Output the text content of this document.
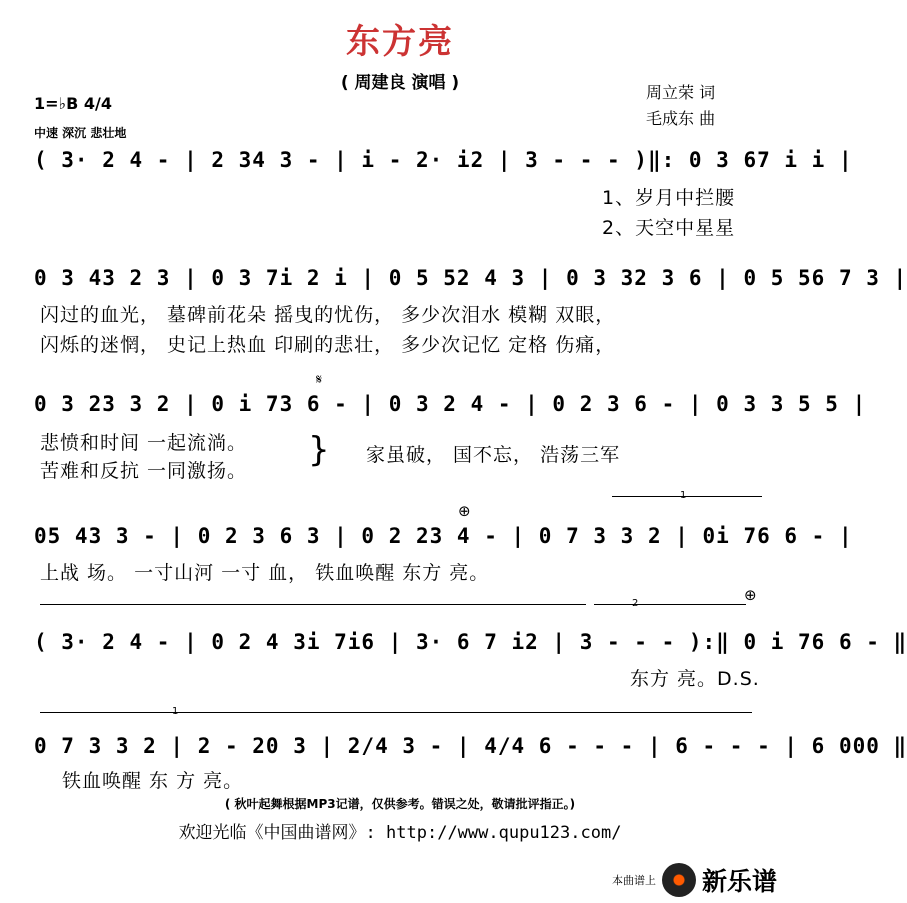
东方亮
( 周建良 演唱 )
1=♭B 4/4
中速 深沉 悲壮地
周立荣 词
毛成东 曲
( 3· 2 4 - | 2 34 3 - | i - 2· i2 | 3 - - - )‖: 0 3 67 i i |
1、岁月中拦腰
2、天空中星星
0 3 43 2 3 | 0 3 7i 2 i | 0 5 52 4 3 | 0 3 32 3 6 | 0 5 56 7 3 |
闪过的血光， 墓碑前花朵 摇曳的忧伤， 多少次泪水 模糊 双眼，
闪烁的迷惘， 史记上热血 印刷的悲壮， 多少次记忆 定格 伤痛，
0 3 23 3 2 | 0 i 73 6 - | 0 3 2 4 - | 0 2 3 6 - | 0 3 3 5 5 |
悲愤和时间 一起流淌。
苦难和反抗 一同激扬。
家虽破， 国不忘， 浩荡三军
}
𝄋
1
⊕
05 43 3 - | 0 2 3 6 3 | 0 2 23 4 - | 0 7 3 3 2 | 0i 76 6 - |
上战 场。 一寸山河 一寸 血， 铁血唤醒 东方 亮。
2	⊕
( 3· 2 4 - | 0 2 4 3i 7i6 | 3· 6 7 i2 | 3 - - - ):‖ 0 i 76 6 - ‖
东方 亮。D.S.
1
0 7 3 3 2 | 2 - 20 3 | 2/4 3 - | 4/4 6 - - - | 6 - - - | 6 000 ‖
铁血唤醒 东 方 亮。
( 秋叶起舞根据MP3记谱，仅供参考。错误之处，敬请批评指正。)
欢迎光临《中国曲谱网》: http://www.qupu123.com/
本曲谱上 新乐谱
